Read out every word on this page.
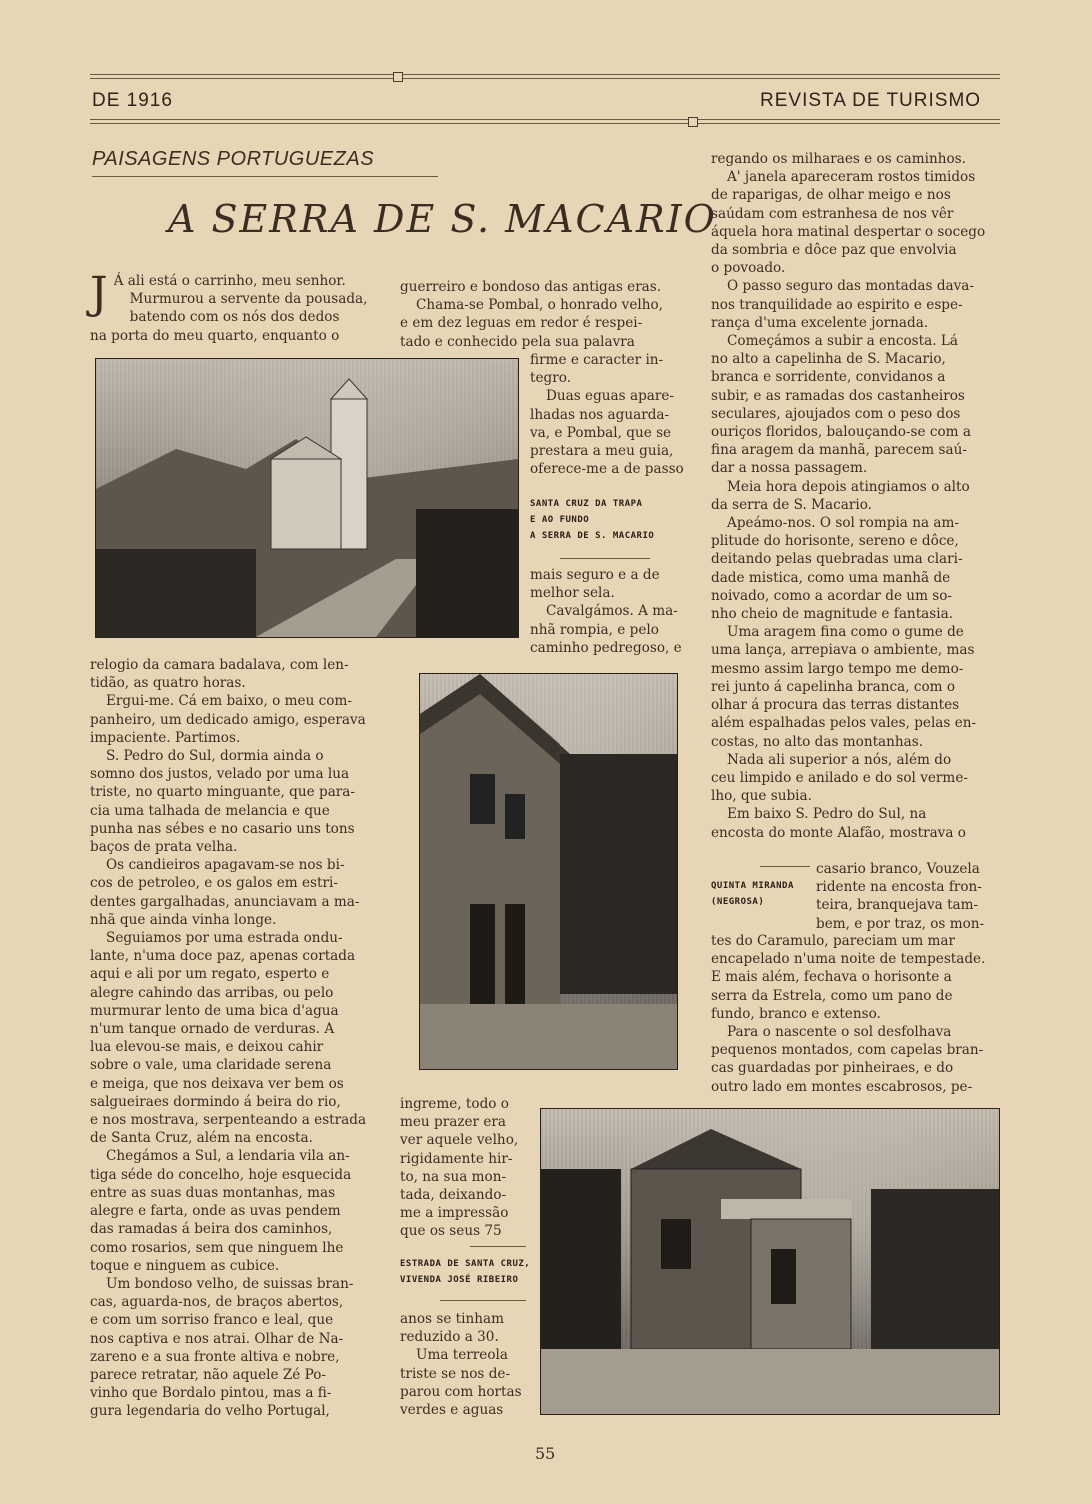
DE 1916	REVISTA DE TURISMO
PAISAGENS PORTUGUEZAS
A SERRA DE S. MACARIO
J Á ali está o carrinho, meu senhor.
Murmurou a servente da pousada,
batendo com os nós dos dedos
na porta do meu quarto, enquanto o
relogio da camara badalava, com len-
tidão, as quatro horas.
Ergui-me. Cá em baixo, o meu com-
panheiro, um dedicado amigo, esperava
impaciente. Partimos.
S. Pedro do Sul, dormia ainda o
somno dos justos, velado por uma lua
triste, no quarto minguante, que para-
cia uma talhada de melancia e que
punha nas sébes e no casario uns tons
baços de prata velha.
Os candieiros apagavam-se nos bi-
cos de petroleo, e os galos em estri-
dentes gargalhadas, anunciavam a ma-
nhã que ainda vinha longe.
Seguiamos por uma estrada ondu-
lante, n'uma doce paz, apenas cortada
aqui e ali por um regato, esperto e
alegre cahindo das arribas, ou pelo
murmurar lento de uma bica d'agua
n'um tanque ornado de verduras. A
lua elevou-se mais, e deixou cahir
sobre o vale, uma claridade serena
e meiga, que nos deixava ver bem os
salgueiraes dormindo á beira do rio,
e nos mostrava, serpenteando a estrada
de Santa Cruz, além na encosta.
Chegámos a Sul, a lendaria vila an-
tiga séde do concelho, hoje esquecida
entre as suas duas montanhas, mas
alegre e farta, onde as uvas pendem
das ramadas á beira dos caminhos,
como rosarios, sem que ninguem lhe
toque e ninguem as cubice.
Um bondoso velho, de suissas bran-
cas, aguarda-nos, de braços abertos,
e com um sorriso franco e leal, que
nos captiva e nos atrai. Olhar de Na-
zareno e a sua fronte altiva e nobre,
parece retratar, não aquele Zé Po-
vinho que Bordalo pintou, mas a fi-
gura legendaria do velho Portugal,
guerreiro e bondoso das antigas eras.
Chama-se Pombal, o honrado velho,
e em dez leguas em redor é respei-
tado e conhecido pela sua palavra
firme e caracter in-
tegro.
Duas eguas apare-
lhadas nos aguarda-
va, e Pombal, que se
prestara a meu guia,
oferece-me a de passo
SANTA CRUZ DA TRAPA
E AO FUNDO
A SERRA DE S. MACARIO
mais seguro e a de
melhor sela.
Cavalgámos. A ma-
nhã rompia, e pelo
caminho pedregoso, e
ingreme, todo o
meu prazer era
ver aquele velho,
rigidamente hir-
to, na sua mon-
tada, deixando-
me a impressão
que os seus 75
ESTRADA DE SANTA CRUZ,
VIVENDA JOSÉ RIBEIRO
anos se tinham
reduzido a 30.
Uma terreola
triste se nos de-
parou com hortas
verdes e aguas
regando os milharaes e os caminhos.
A' janela apareceram rostos timidos
de raparigas, de olhar meigo e nos
saúdam com estranhesa de nos vêr
áquela hora matinal despertar o socego
da sombria e dôce paz que envolvia
o povoado.
O passo seguro das montadas dava-
nos tranquilidade ao espirito e espe-
rança d'uma excelente jornada.
Começámos a subir a encosta. Lá
no alto a capelinha de S. Macario,
branca e sorridente, convidanos a
subir, e as ramadas dos castanheiros
seculares, ajoujados com o peso dos
ouriços floridos, balouçando-se com a
fina aragem da manhã, parecem saú-
dar a nossa passagem.
Meia hora depois atingiamos o alto
da serra de S. Macario.
Apeámo-nos. O sol rompia na am-
plitude do horisonte, sereno e dôce,
deitando pelas quebradas uma clari-
dade mistica, como uma manhã de
noivado, como a acordar de um so-
nho cheio de magnitude e fantasia.
Uma aragem fina como o gume de
uma lança, arrepiava o ambiente, mas
mesmo assim largo tempo me demo-
rei junto á capelinha branca, com o
olhar á procura das terras distantes
além espalhadas pelos vales, pelas en-
costas, no alto das montanhas.
Nada ali superior a nós, além do
ceu limpido e anilado e do sol verme-
lho, que subia.
Em baixo S. Pedro do Sul, na
encosta do monte Alafão, mostrava o
QUINTA MIRANDA
(NEGROSA)
casario branco, Vouzela
ridente na encosta fron-
teira, branquejava tam-
bem, e por traz, os mon-
tes do Caramulo, pareciam um mar
encapelado n'uma noite de tempestade.
E mais além, fechava o horisonte a
serra da Estrela, como um pano de
fundo, branco e extenso.
Para o nascente o sol desfolhava
pequenos montados, com capelas bran-
cas guardadas por pinheiraes, e do
outro lado em montes escabrosos, pe-
55
